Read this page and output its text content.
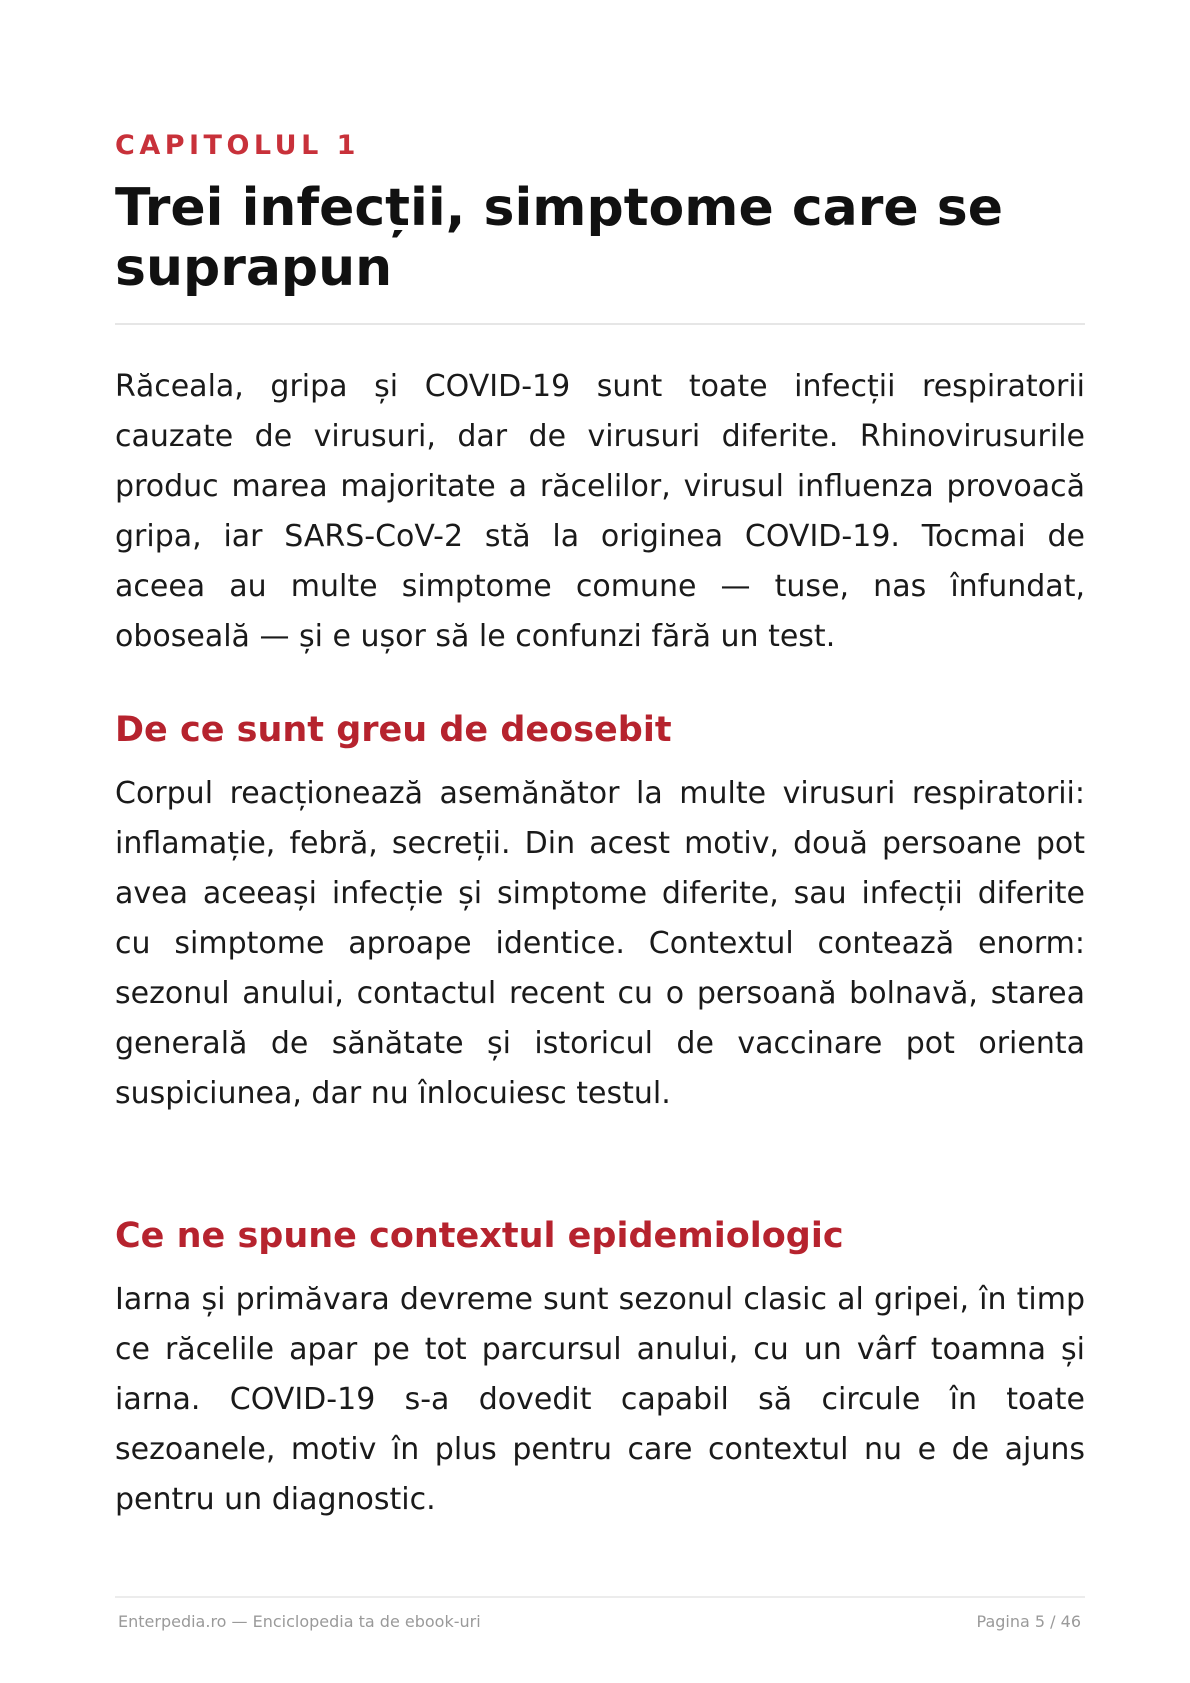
CAPITOLUL 1

Trei infecții, simptome care se suprapun

Răceala, gripa și COVID-19 sunt toate infecții respiratorii cauzate de virusuri, dar de virusuri diferite. Rhinovirusurile produc marea majoritate a răcelilor, virusul influenza provoacă gripa, iar SARS-CoV-2 stă la originea COVID-19. Tocmai de aceea au multe simptome comune — tuse, nas înfundat, oboseală — și e ușor să le confunzi fără un test.

De ce sunt greu de deosebit

Corpul reacționează asemănător la multe virusuri respiratorii: inflamație, febră, secreții. Din acest motiv, două persoane pot avea aceeași infecție și simptome diferite, sau infecții diferite cu simptome aproape identice. Contextul contează enorm: sezonul anului, contactul recent cu o persoană bolnavă, starea generală de sănătate și istoricul de vaccinare pot orienta suspiciunea, dar nu înlocuiesc testul.

Ce ne spune contextul epidemiologic

Iarna și primăvara devreme sunt sezonul clasic al gripei, în timp ce răcelile apar pe tot parcursul anului, cu un vârf toamna și iarna. COVID-19 s-a dovedit capabil să circule în toate sezoanele, motiv în plus pentru care contextul nu e de ajuns pentru un diagnostic.

Enterpedia.ro — Enciclopedia ta de ebook-uri	Pagina 5 / 46
